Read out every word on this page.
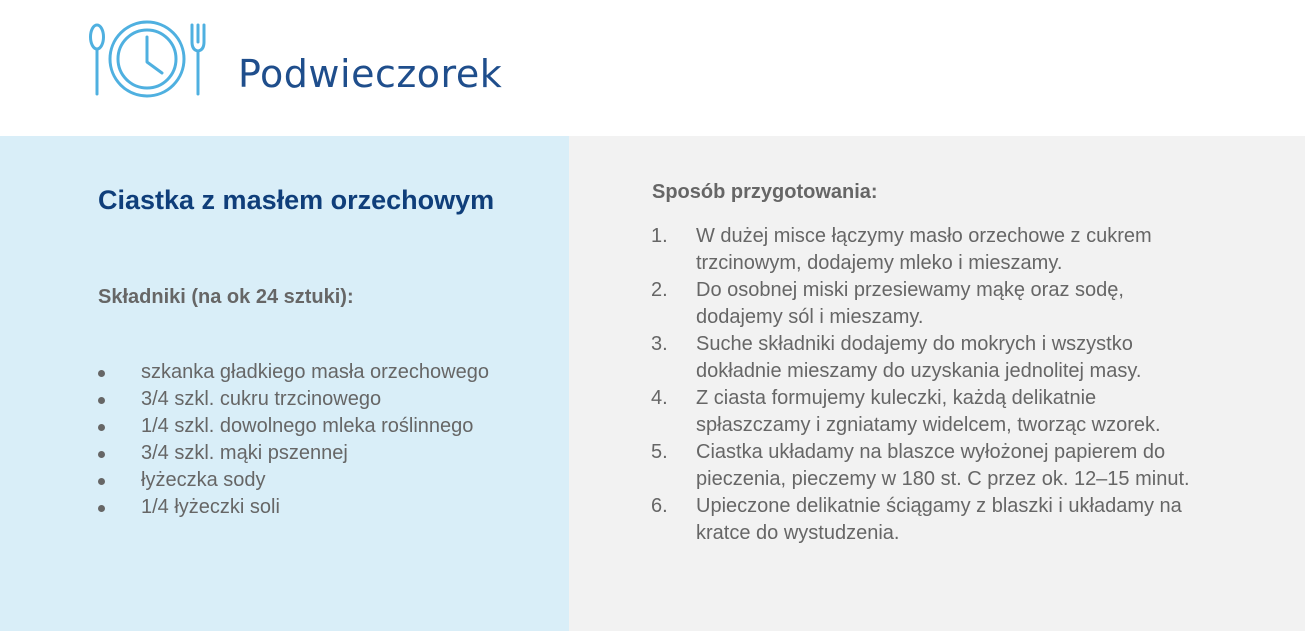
Podwieczorek
Ciastka z masłem orzechowym
Składniki (na ok 24 sztuki):
szkanka gładkiego masła orzechowego
3/4 szkl. cukru trzcinowego
1/4 szkl. dowolnego mleka roślinnego
3/4 szkl. mąki pszennej
łyżeczka sody
1/4 łyżeczki soli
Sposób przygotowania:
1. W dużej misce łączymy masło orzechowe z cukrem trzcinowym, dodajemy mleko i mieszamy.
2. Do osobnej miski przesiewamy mąkę oraz sodę, dodajemy sól i mieszamy.
3. Suche składniki dodajemy do mokrych i wszystko dokładnie mieszamy do uzyskania jednolitej masy.
4. Z ciasta formujemy kuleczki, każdą delikatnie spłaszczamy i zgniatamy widelcem, tworząc wzorek.
5. Ciastka układamy na blaszce wyłożonej papierem do pieczenia, pieczemy w 180 st. C przez ok. 12–15 minut.
6. Upieczone delikatnie ściągamy z blaszki i układamy na kratce do wystudzenia.
